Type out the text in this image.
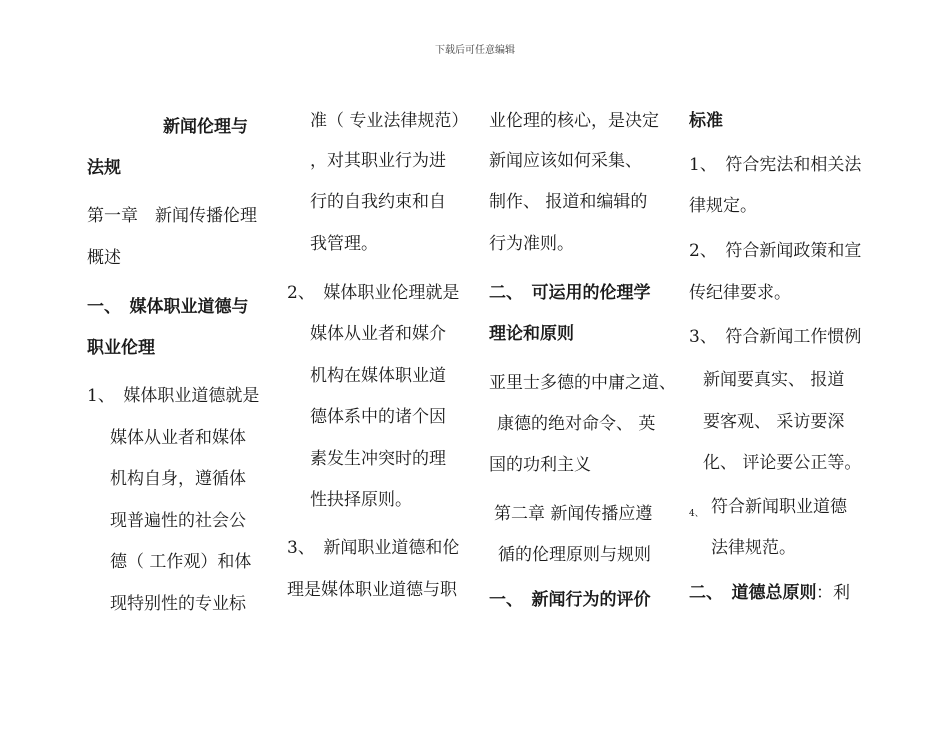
下载后可任意编辑
新闻伦理与
法规
第一章　新闻传播伦理
概述
一、　媒体职业道德与
职业伦理
1、　媒体职业道德就是
媒体从业者和媒体
机构自身，遵循体
现普遍性的社会公
德（ 工作观）和体
现特别性的专业标
准（ 专业法律规范）
，对其职业行为进
行的自我约束和自
我管理。
2、　媒体职业伦理就是
媒体从业者和媒介
机构在媒体职业道
德体系中的诸个因
素发生冲突时的理
性抉择原则。
3、　新闻职业道德和伦
理是媒体职业道德与职
业伦理的核心，是决定
新闻应该如何采集、
制作、 报道和编辑的
行为准则。
二、　可运用的伦理学
理论和原则
亚里士多德的中庸之道、
康德的绝对命令、 英
国的功利主义
第二章 新闻传播应遵
循的伦理原则与规则
一、　新闻行为的评价
标准
1、　符合宪法和相关法
律规定。
2、　符合新闻政策和宣
传纪律要求。
3、　符合新闻工作惯例
新闻要真实、 报道
要客观、 采访要深
化、 评论要公正等。
4、 符合新闻职业道德
法律规范。
二、　道德总原则 ：利
